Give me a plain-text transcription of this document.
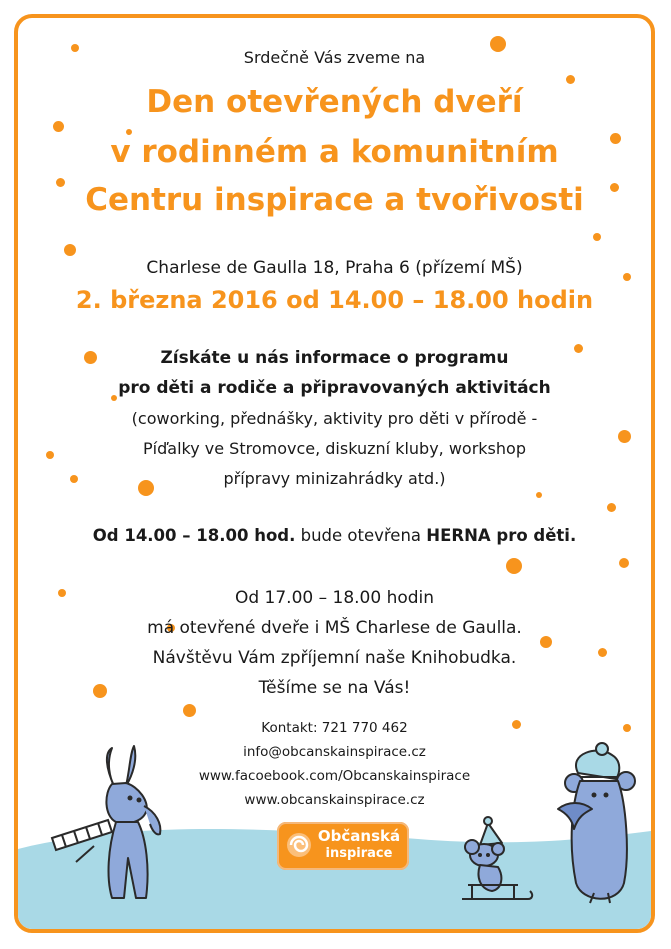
Srdečně Vás zveme na
Den otevřených dveří
v rodinném a komunitním
Centru inspirace a tvořivosti
Charlese de Gaulla 18, Praha 6 (přízemí MŠ)
2. března 2016 od 14.00 – 18.00 hodin
Získáte u nás informace o programu
pro děti a rodiče a připravovaných aktivitách
(coworking, přednášky, aktivity pro děti v přírodě -
Píďalky ve Stromovce, diskuzní kluby, workshop
přípravy minizahrádky atd.)
Od 14.00 – 18.00 hod. bude otevřena HERNA pro děti.
Od 17.00 – 18.00 hodin
má otevřené dveře i MŠ Charlese de Gaulla.
Návštěvu Vám zpříjemní naše Knihobudka.
Těšíme se na Vás!
Kontakt: 721 770 462
info@obcanskainspirace.cz
www.facoebook.com/Obcanskainspirace
www.obcanskainspirace.cz
Občanská
inspirace
